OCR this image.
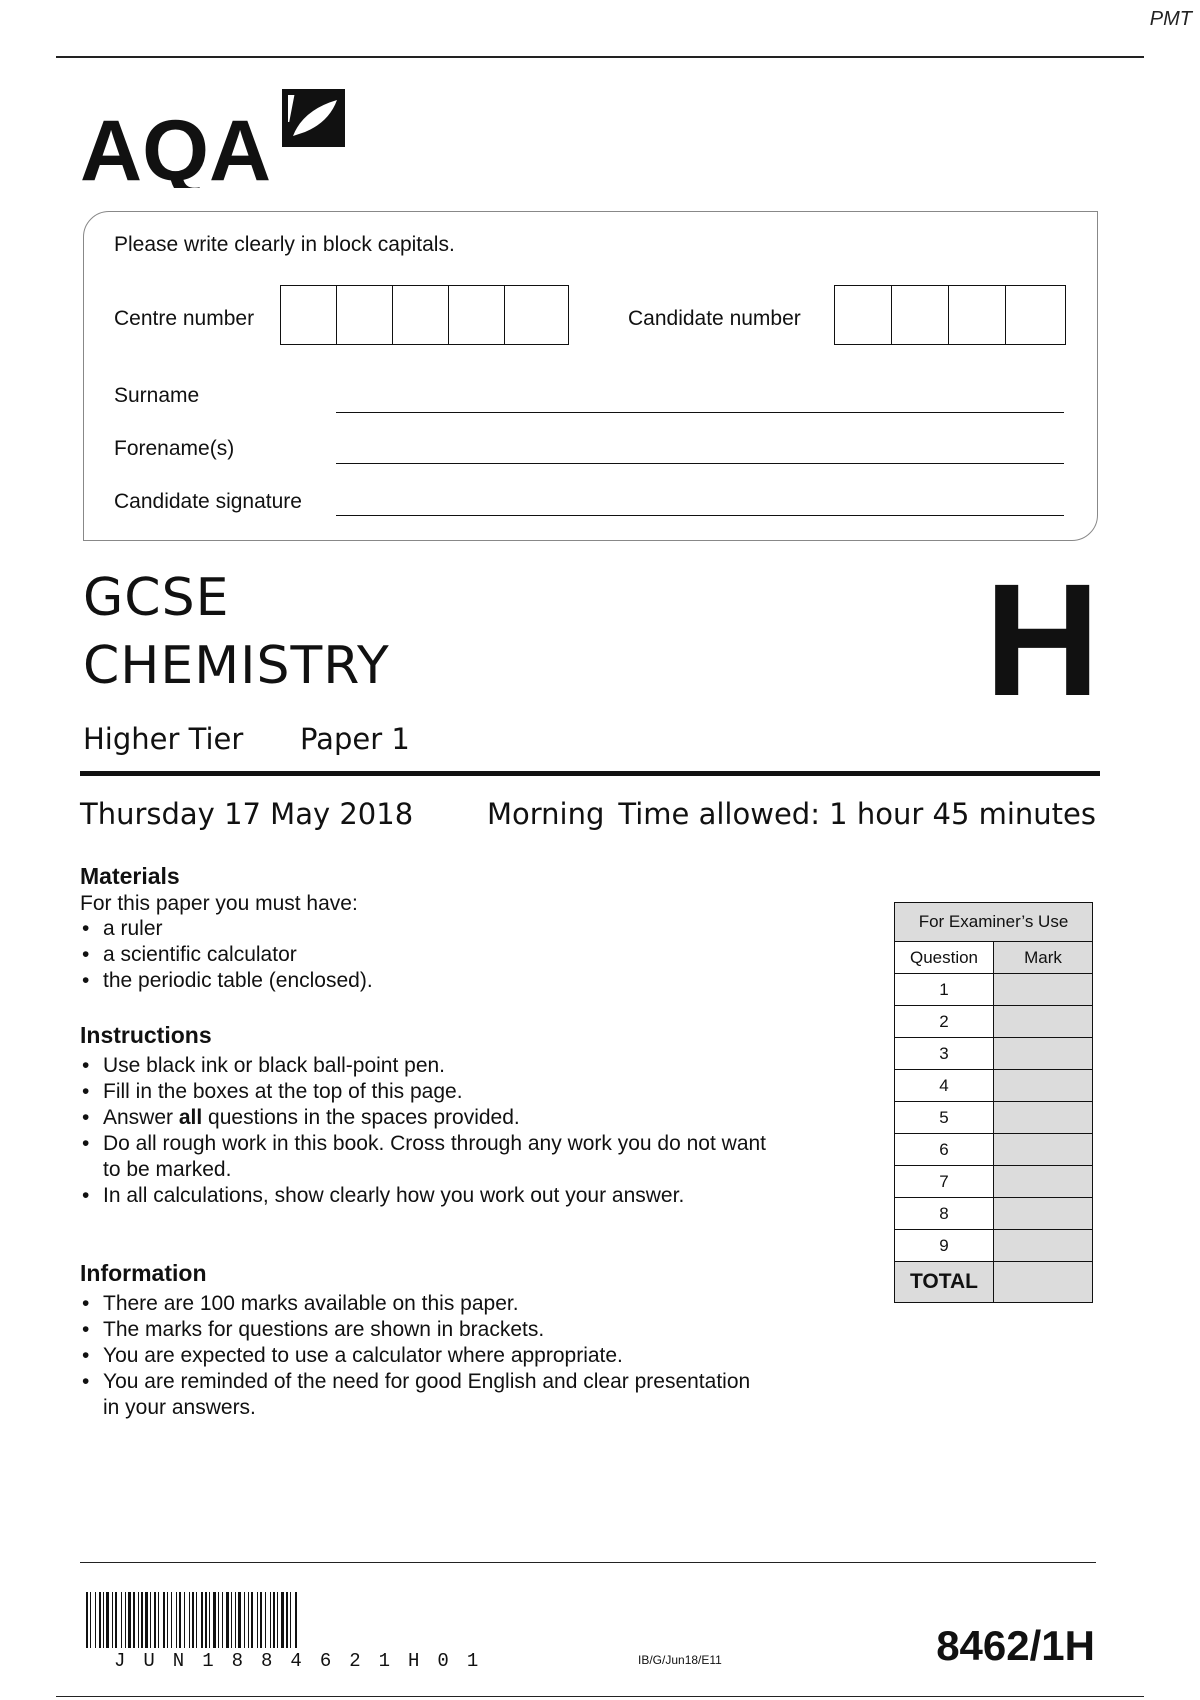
PMT
AQA
Please write clearly in block capitals.
Centre number	Candidate number
Surname
Forename(s)
Candidate signature
GCSE
CHEMISTRY	H
Higher Tier Paper 1
Thursday 17 May 2018	Morning Time allowed: 1 hour 45 minutes
Materials
For this paper you must have:
• a ruler
• a scientific calculator
• the periodic table (enclosed).
Instructions
• Use black ink or black ball-point pen.
• Fill in the boxes at the top of this page.
• Answer all questions in the spaces provided.
• Do all rough work in this book. Cross through any work you do not want
to be marked.
• In all calculations, show clearly how you work out your answer.
Information
• There are 100 marks available on this paper.
• The marks for questions are shown in brackets.
• You are expected to use a calculator where appropriate.
• You are reminded of the need for good English and clear presentation
in your answers.
For Examiner’s Use	
Question	Mark
1	
2	
3	
4	
5	
6	
7	
8	
9	
TOTAL	
JUN1884621H01	IB/G/Jun18/E11	8462/1H
